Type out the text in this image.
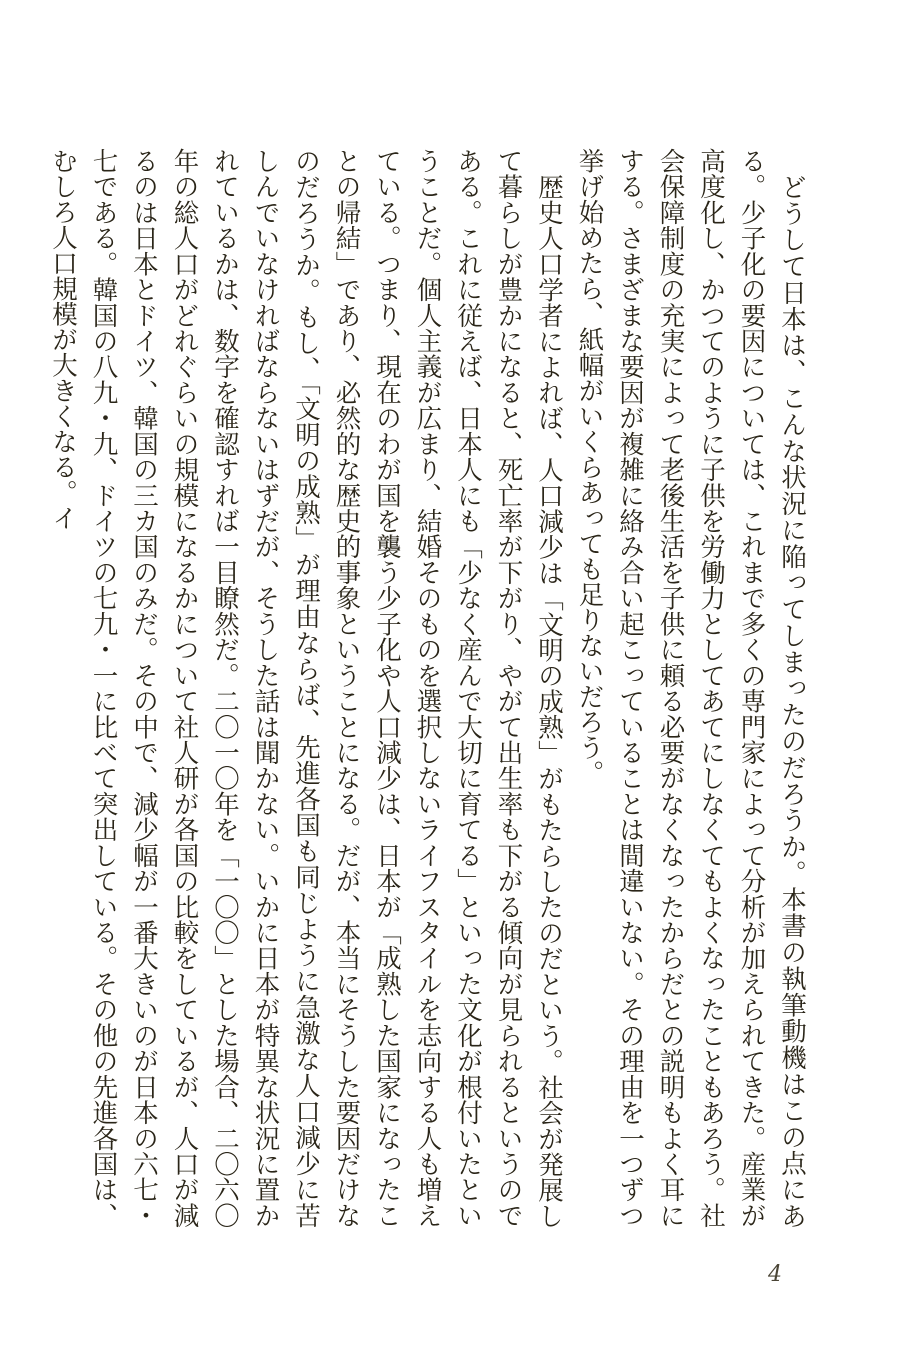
どうして日本は、こんな状況に陥ってしまったのだろうか。本書の執筆動機はこの点にある。少子化の要因については、これまで多くの専門家によって分析が加えられてきた。産業が高度化し、かつてのように子供を労働力としてあてにしなくてもよくなったこともあろう。社会保障制度の充実によって老後生活を子供に頼る必要がなくなったからだとの説明もよく耳にする。さまざまな要因が複雑に絡み合い起こっていることは間違いない。その理由を一つずつ挙げ始めたら、紙幅がいくらあっても足りないだろう。

歴史人口学者によれば、人口減少は「文明の成熟」がもたらしたのだという。社会が発展して暮らしが豊かになると、死亡率が下がり、やがて出生率も下がる傾向が見られるというのである。これに従えば、日本人にも「少なく産んで大切に育てる」といった文化が根付いたということだ。個人主義が広まり、結婚そのものを選択しないライフスタイルを志向する人も増えている。つまり、現在のわが国を襲う少子化や人口減少は、日本が「成熟した国家になったことの帰結」であり、必然的な歴史的事象ということになる。だが、本当にそうした要因だけなのだろうか。もし、「文明の成熟」が理由ならば、先進各国も同じように急激な人口減少に苦しんでいなければならないはずだが、そうした話は聞かない。いかに日本が特異な状況に置かれているかは、数字を確認すれば一目瞭然だ。二〇一〇年を「一〇〇」とした場合、二〇六〇年の総人口がどれぐらいの規模になるかについて社人研が各国の比較をしているが、人口が減るのは日本とドイツ、韓国の三カ国のみだ。その中で、減少幅が一番大きいのが日本の六七・七である。韓国の八九・九、ドイツの七九・一に比べて突出している。その他の先進各国は、むしろ人口規模が大きくなる。イ

4
